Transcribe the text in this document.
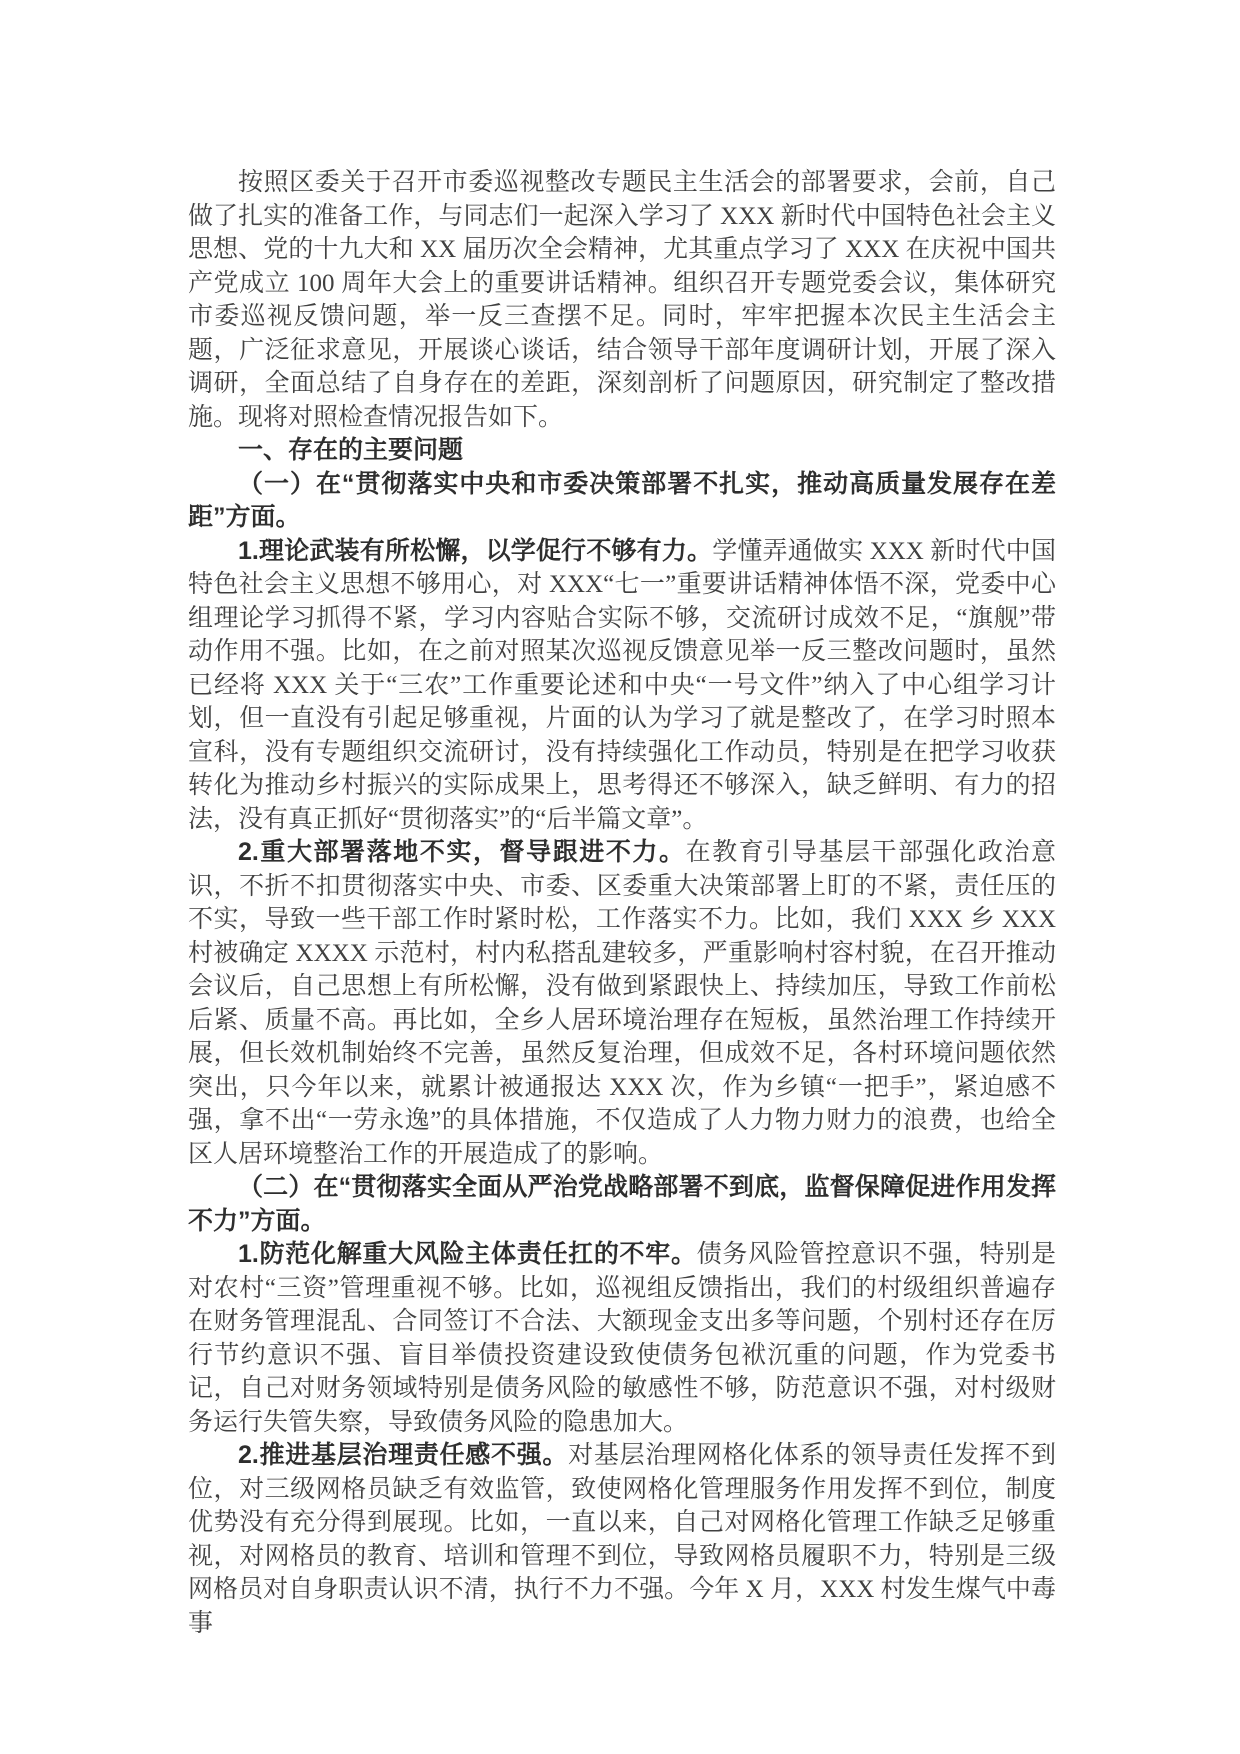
按照区委关于召开市委巡视整改专题民主生活会的部署要求，会前，自己做了扎实的准备工作，与同志们一起深入学习了 XXX 新时代中国特色社会主义思想、党的十九大和 XX 届历次全会精神，尤其重点学习了 XXX 在庆祝中国共产党成立 100 周年大会上的重要讲话精神。组织召开专题党委会议，集体研究市委巡视反馈问题，举一反三查摆不足。同时，牢牢把握本次民主生活会主题，广泛征求意见，开展谈心谈话，结合领导干部年度调研计划，开展了深入调研，全面总结了自身存在的差距，深刻剖析了问题原因，研究制定了整改措施。现将对照检查情况报告如下。

一、存在的主要问题

（一）在“贯彻落实中央和市委决策部署不扎实，推动高质量发展存在差距”方面。

1.理论武装有所松懈，以学促行不够有力。学懂弄通做实 XXX 新时代中国特色社会主义思想不够用心，对 XXX“七一”重要讲话精神体悟不深，党委中心组理论学习抓得不紧，学习内容贴合实际不够，交流研讨成效不足，“旗舰”带动作用不强。比如，在之前对照某次巡视反馈意见举一反三整改问题时，虽然已经将 XXX 关于“三农”工作重要论述和中央“一号文件”纳入了中心组学习计划，但一直没有引起足够重视，片面的认为学习了就是整改了，在学习时照本宣科，没有专题组织交流研讨，没有持续强化工作动员，特别是在把学习收获转化为推动乡村振兴的实际成果上，思考得还不够深入，缺乏鲜明、有力的招法，没有真正抓好“贯彻落实”的“后半篇文章”。

2.重大部署落地不实，督导跟进不力。在教育引导基层干部强化政治意识，不折不扣贯彻落实中央、市委、区委重大决策部署上盯的不紧，责任压的不实，导致一些干部工作时紧时松，工作落实不力。比如，我们 XXX 乡 XXX 村被确定 XXXX 示范村，村内私搭乱建较多，严重影响村容村貌，在召开推动会议后，自己思想上有所松懈，没有做到紧跟快上、持续加压，导致工作前松后紧、质量不高。再比如，全乡人居环境治理存在短板，虽然治理工作持续开展，但长效机制始终不完善，虽然反复治理，但成效不足，各村环境问题依然突出，只今年以来，就累计被通报达 XXX 次，作为乡镇“一把手”，紧迫感不强，拿不出“一劳永逸”的具体措施，不仅造成了人力物力财力的浪费，也给全区人居环境整治工作的开展造成了的影响。

（二）在“贯彻落实全面从严治党战略部署不到底，监督保障促进作用发挥不力”方面。

1.防范化解重大风险主体责任扛的不牢。债务风险管控意识不强，特别是对农村“三资”管理重视不够。比如，巡视组反馈指出，我们的村级组织普遍存在财务管理混乱、合同签订不合法、大额现金支出多等问题，个别村还存在厉行节约意识不强、盲目举债投资建设致使债务包袱沉重的问题，作为党委书记，自己对财务领域特别是债务风险的敏感性不够，防范意识不强，对村级财务运行失管失察，导致债务风险的隐患加大。

2.推进基层治理责任感不强。对基层治理网格化体系的领导责任发挥不到位，对三级网格员缺乏有效监管，致使网格化管理服务作用发挥不到位，制度优势没有充分得到展现。比如，一直以来，自己对网格化管理工作缺乏足够重视，对网格员的教育、培训和管理不到位，导致网格员履职不力，特别是三级网格员对自身职责认识不清，执行不力不强。今年 X 月，XXX 村发生煤气中毒事
